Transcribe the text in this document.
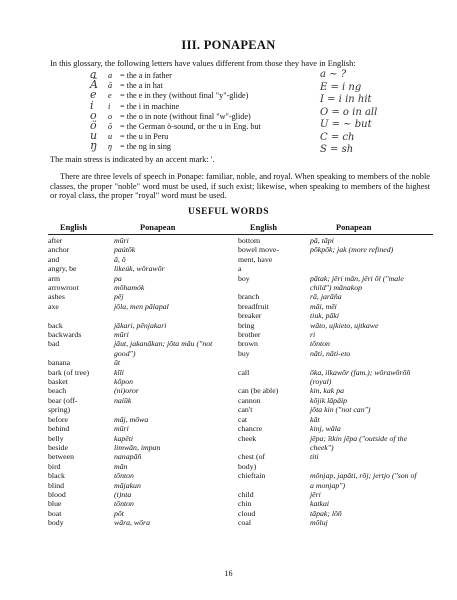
III. PONAPEAN
In this glossary, the following letters have values different from those they have in English:
a	a = the a in father
Ä	ā = the a in hat
e	e	= the e in they (without final "y"-glide)
i	i	= the i in machine
o	o = the o in note (without final "w"-glide)
ö	ō = the German ö-sound, or the u in Eng. but
u	u = the u in Peru
ŋ	ŋ = the ng in sing
a ~ ?
E = i ng
I = i in hit
O = o in all
U = ~ but
C = ch
S = sh
The main stress is indicated by an accent mark: ʹ.
There are three levels of speech in Ponape: familiar, noble, and royal. When speaking to members of the noble classes, the proper "noble" word must be used, if such exist; likewise, when speaking to members of the highest or royal class, the proper "royal" word must be used.
USEFUL WORDS
English	Ponapean
after	mūri
anchor	paútōk
and	ā, ō
angry, be	likeúk, wōrawōr
arm	pa
arrowroot	mōhamók
ashes	pēj
axe	jōla, men pālapal
back	jākari, pēnjakari
backwards	mūri
bad	jāut, jakanākan; jōta māu ("not
good")
banana	ūt
bark (of tree)	kīli
basket	kōpon
beach	(ni)oror
bear (off-	naíūk
spring)
before	māj, mōwa
behind	mūri
belly	kapēti
beside	limwān, impan
between	nanapāñ
bird	mān
black	tōnton
blind	mājakun
blood	(t)nta
blue	tōnton
boat	pōt
body	wāra, wōra
English	Ponapean
bottom	pā, tāpi
bowel move-	pōkpōk; jak (more refined)
ment, have
a
boy	pātak; jēri mān, jēri ōl ("male
child") mānakop
branch	rā, jarāña
breadfruit	māi, mēi
breaker	tiuk, pāki
bring	wāto, ujkieto, ujtkawe
brother	ri
brown	tōnton
buy	nāti, nāti-eto
call	ōka, ilkawōr (fam.); wōrawōrōñ
(royal)
can (be able)	kin, kak pa
cannon	kōjik lāpāip
can't	jōta kin ("not can")
cat	kāt
chancre	kinj, wāla
cheek	jēpa; ītkin jēpa ("outside of the
cheek")
chest (of	titi
body)
chieftain	mōnjap, japāti, rōj; jertjo ("son of
a monjap")
child	jēri
chin	katkai
cloud	tāpak; lōñ
coal	mōluj
16
